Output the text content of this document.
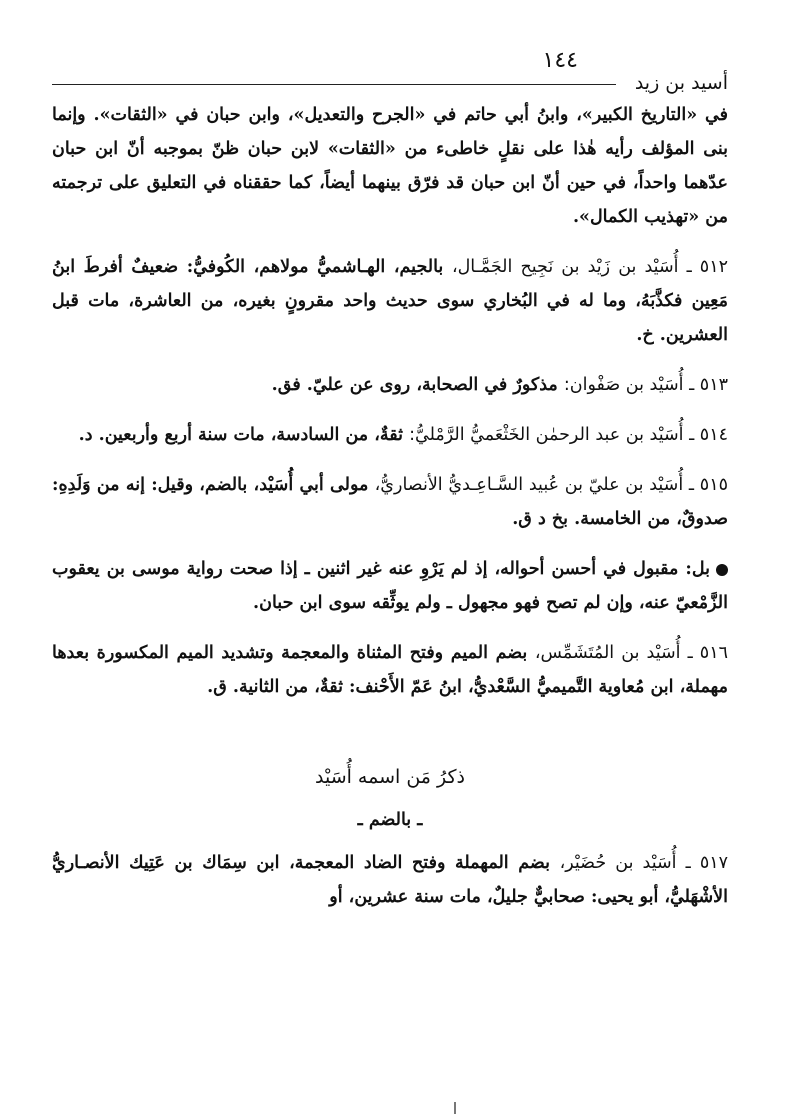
١٤٤
أسيد بن زيد

في «التاريخ الكبير»، وابنُ أبي حاتم في «الجرح والتعديل»، وابن حبان في «الثقات». وإنما بنى المؤلف رأيه هٰذا على نقلٍ خاطىء من «الثقات» لابن حبان ظنّ بموجبه أنّ ابن حبان عدّهما واحداً، في حين أنّ ابن حبان قد فرّق بينهما أيضاً، كما حققناه في التعليق على ترجمته من «تهذيب الكمال».

٥١٢ ـ أُسَيْد بن زَيْد بن نَجِيح الجَمَّـال، بالجيم، الهـاشميُّ مولاهم، الكُوفيُّ: ضعيفٌ أفرطَ ابنُ مَعِين فكذَّبَهُ، وما له في البُخاري سوى حديث واحد مقرونٍ بغيره، من العاشرة، مات قبل العشرين. خ.

٥١٣ ـ أُسَيْد بن صَفْوان: مذكورٌ في الصحابة، روى عن عليّ. فق.

٥١٤ ـ أُسَيْد بن عبد الرحمٰن الخَثْعَميُّ الرَّمْليُّ: ثقةٌ، من السادسة، مات سنة أربع وأربعين. د.

٥١٥ ـ أُسَيْد بن عليّ بن عُبيد السَّـاعِـديُّ الأنصاريُّ، مولى أبي أُسَيْد، بالضم، وقيل: إنه من وَلَدِهِ: صدوقٌ، من الخامسة. بخ د ق.

بل: مقبول في أحسن أحواله، إذ لم يَرْوِ عنه غير اثنين ـ إذا صحت رواية موسى بن يعقوب الزَّمْعيّ عنه، وإن لم تصح فهو مجهول ـ ولم يوثِّقه سوى ابن حبان.

٥١٦ ـ أُسَيْد بن المُتَشَمِّس، بضم الميم وفتح المثناة والمعجمة وتشديد الميم المكسورة بعدها مهملة، ابن مُعاوية التَّميميُّ السَّعْديُّ، ابنُ عَمّ الأَحْنف: ثقةٌ، من الثانية. ق.

ذكرُ مَن اسمه أُسَيْد
ـ بالضم ـ

٥١٧ ـ أُسَيْد بن حُضَيْر، بضم المهملة وفتح الضاد المعجمة، ابن سِمَاك بن عَتِيك الأنصـاريُّ الأشْهَليُّ، أبو يحيى: صحابيٌّ جليلٌ، مات سنة عشرين، أو
